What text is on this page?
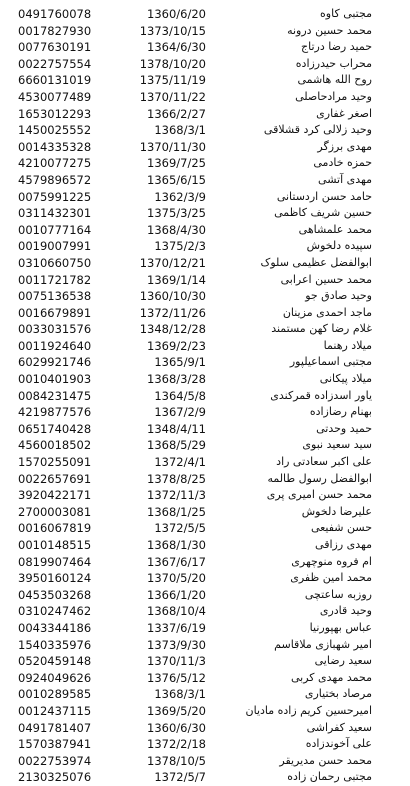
0491760078	1360/6/20	مجتبی کاوه
0017827930	1373/10/15	محمد حسین درونه
0077630191	1364/6/30	حمید رضا درتاج
0022757554	1378/10/20	محراب حیدرزاده
6660131019	1375/11/19	روح الله هاشمی
4530077489	1370/11/22	وحید مرادحاصلی
1653012293	1366/2/27	اصغر غفاری
1450025552	1368/3/1	وحید زلالی کرد قشلاقی
0014335328	1370/11/30	مهدی برزگر
4210077275	1369/7/25	حمزه خادمی
4579896572	1365/6/15	مهدی آتشی
0075991225	1362/3/9	حامد حسن اردستانی
0311432301	1375/3/25	حسین شریف کاظمی
0010777164	1368/4/30	محمد علمشاهی
0019007991	1375/2/3	سپیده دلخوش
0310660750	1370/12/21	ابوالفضل عظیمی سلوک
0011721782	1369/1/14	محمد حسین اعرابی
0075136538	1360/10/30	وحید صادق جو
0016679891	1372/11/26	ماجد احمدی مزینان
0033031576	1348/12/28	غلام رضا کهن مستمند
0011924640	1369/2/23	میلاد رهنما
6029921746	1365/9/1	مجتبی اسماعیلپور
0010401903	1368/3/28	میلاد پیکانی
0084231475	1364/5/8	یاور اسدزاده قمرکندی
4219877576	1367/2/9	بهنام رضازاده
0651740428	1348/4/11	حمید وحدتی
4560018502	1368/5/29	سید سعید نبوی
1570255091	1372/4/1	علی اکبر سعادتی راد
0022657691	1378/8/25	ابوالفضل رسول طالمه
3920422171	1372/11/3	محمد حسن امیری پری
2700003081	1368/1/25	علیرضا دلخوش
0016067819	1372/5/5	حسن شفیعی
0010148515	1368/1/30	مهدی رزاقی
0819907464	1367/6/17	ام فروه منوچهری
3950160124	1370/5/20	محمد امین ظفری
0453503268	1366/1/20	روزبه ساعتچی
0310247462	1368/10/4	وحید قادری
0043344186	1337/6/19	عباس بهپورنیا
1540335976	1373/9/30	امیر شهبازی ملاقاسم
0520459148	1370/11/3	سعید رضایی
0924049626	1376/5/12	محمد مهدی کربی
0010289585	1368/3/1	مرصاد بختیاری
0012437115	1369/5/20	امیرحسین کریم زاده مادیان
0491781407	1360/6/30	سعید کفراشی
1570387941	1372/2/18	علی آخوندزاده
0022753974	1378/10/5	محمد حسن مدیریقر
2130325076	1372/5/7	مجتبی رحمان زاده
